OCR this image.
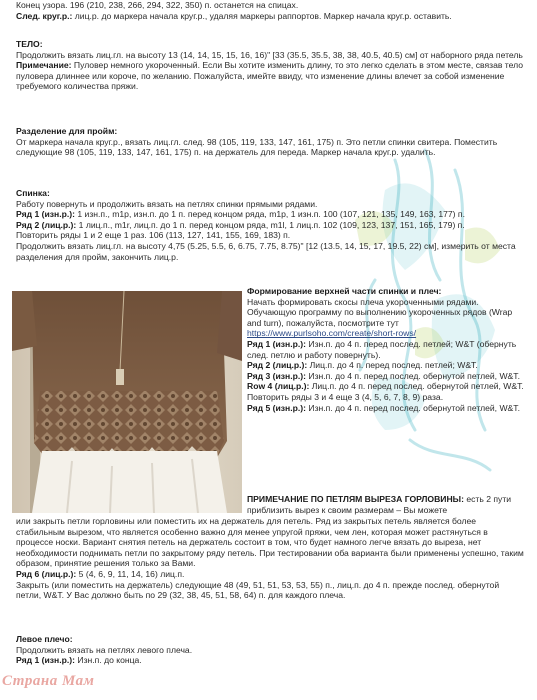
Конец узора. 196 (210, 238, 266, 294, 322, 350) п. останется на спицах.

След. круг.р.: лиц.р. до маркера начала круг.р., удаляя маркеры раппортов. Маркер начала круг.р. оставить.

ТЕЛО:

Продолжить вязать лиц.гл. на высоту 13 (14, 14, 15, 15, 16, 16)" [33 (35.5, 35.5, 38, 38, 40.5, 40.5) см] от наборного ряда петель

Примечание: Пуловер немного укороченный. Если Вы хотите изменить длину, то это легко сделать в этом месте, связав тело пуловера длиннее или короче, по желанию. Пожалуйста, имейте ввиду, что изменение длины влечет за собой изменение требуемого количества пряжи.

Разделение для пройм:

От маркера начала круг.р., вязать лиц.гл. след. 98 (105, 119, 133, 147, 161, 175) п. Это петли спинки свитера. Поместить следующие 98 (105, 119, 133, 147, 161, 175) п. на держатель для переда. Маркер начала круг.р. удалить.

Спинка:

Работу повернуть и продолжить вязать на петлях спинки прямыми рядами.

Ряд 1 (изн.р.): 1 изн.п., m1p, изн.п. до 1 п. перед концом ряда, m1p, 1 изн.п. 100 (107, 121, 135, 149, 163, 177) п.

Ряд 2 (лиц.р.): 1 лиц.п., m1r, лиц.п. до 1 п. перед концом ряда, m1l, 1 лиц.п. 102 (109, 123, 137, 151, 165, 179) п.

Повторить ряды 1 и 2 еще 1 раз. 106 (113, 127, 141, 155, 169, 183) п.

Продолжить вязать лиц.гл. на высоту 4,75 (5.25, 5.5, 6, 6.75, 7.75, 8.75)" [12 (13.5, 14, 15, 17, 19.5, 22) см], измерить от места разделения для пройм, закончить лиц.р.

Формирование верхней части спинки и плеч:

Начать формировать скосы плеча укороченными рядами.

Обучающую программу по выполнению укороченных рядов (Wrap and turn), пожалуйста, посмотрите тут

https://www.purlsoho.com/create/short-rows/

Ряд 1 (изн.р.): Изн.п. до 4 п. перед послед. петлей; W&T (обернуть след. петлю и работу повернуть).

Ряд 2 (лиц.р.): Лиц.п. до 4 п. перед послед. петлей; W&T.

Ряд 3 (изн.р.): Изн.п. до 4 п. перед послед. обернутой петлей, W&T.

Row 4 (лиц.р.): Лиц.п. до 4 п. перед послед. обернутой петлей, W&T.

Повторить ряды 3 и 4 еще 3 (4, 5, 6, 7, 8, 9) раза.

Ряд 5 (изн.р.): Изн.п. до 4 п. перед послед. обернутой петлей, W&T.

ПРИМЕЧАНИЕ ПО ПЕТЛЯМ ВЫРЕЗА ГОРЛОВИНЫ: есть 2 пути приблизить вырез к своим размерам – Вы можете

или закрыть петли горловины или поместить их на держатель для петель. Ряд из закрытых петель является более стабильным вырезом, что является особенно важно для менее упругой пряжи, чем лен, которая может растянуться в процессе носки. Вариант снятия петель на держатель состоит в том, что будет намного легче вязать до выреза, нет необходимости поднимать петли по закрытому ряду петель. При тестировании оба варианта были применены успешно, таким образом, принятие решения только за Вами.

Ряд 6 (лиц.р.): 5 (4, 6, 9, 11, 14, 16) лиц.п.

Закрыть (или поместить на держатель) следующие 48 (49, 51, 51, 53, 53, 55) п., лиц.п. до 4 п. прежде послед. обернутой петли, W&T. У Вас должно быть по 29 (32, 38, 45, 51, 58, 64) п. для каждого плеча.

Левое плечо:

Продолжить вязать на петлях левого плеча.

Ряд 1 (изн.р.): Изн.п. до конца.

Страна Мам
